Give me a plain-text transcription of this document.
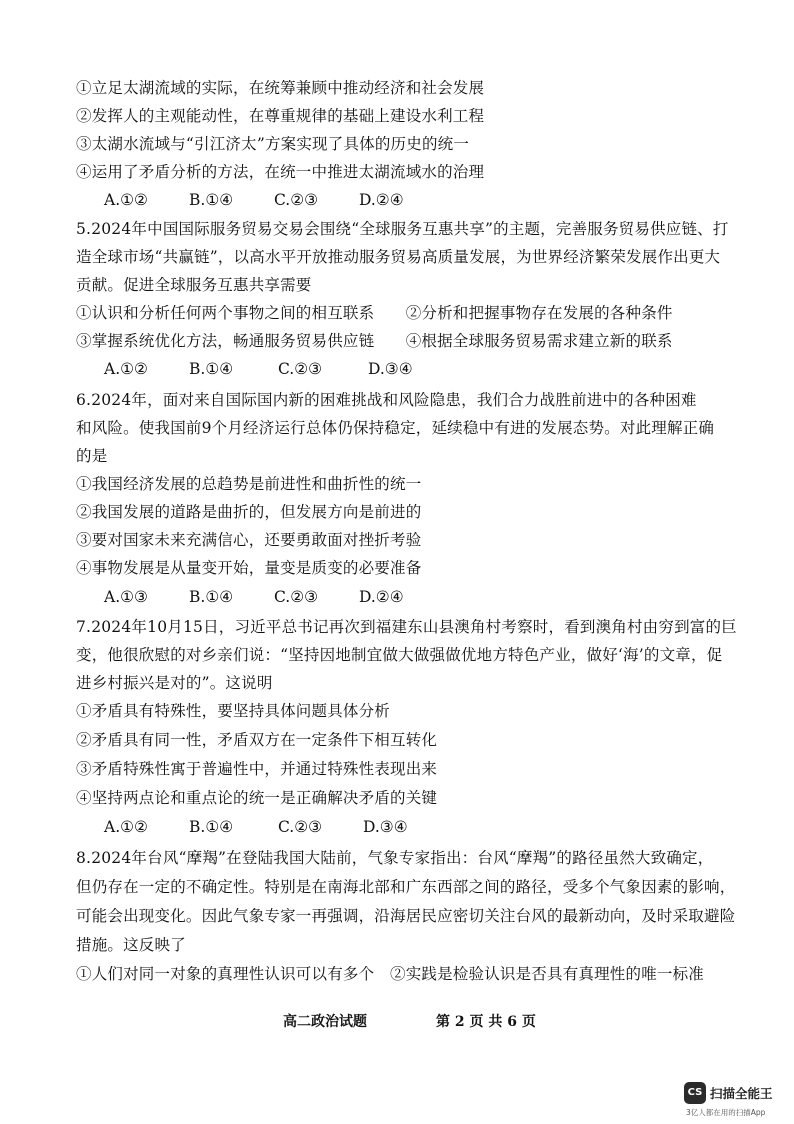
①立足太湖流域的实际，在统筹兼顾中推动经济和社会发展
②发挥人的主观能动性，在尊重规律的基础上建设水利工程
③太湖水流域与“引江济太”方案实现了具体的历史的统一
④运用了矛盾分析的方法，在统一中推进太湖流域水的治理
A.①②	B.①④	C.②③	D.②④
5.2024年中国国际服务贸易交易会围绕“全球服务互惠共享”的主题，完善服务贸易供应链、打
造全球市场“共赢链”，以高水平开放推动服务贸易高质量发展，为世界经济繁荣发展作出更大
贡献。促进全球服务互惠共享需要
①认识和分析任何两个事物之间的相互联系　　②分析和把握事物存在发展的各种条件
③掌握系统优化方法，畅通服务贸易供应链　　④根据全球服务贸易需求建立新的联系
A.①②	B.①④	C.②③	D.③④
6.2024年，面对来自国际国内新的困难挑战和风险隐患，我们合力战胜前进中的各种困难
和风险。使我国前9个月经济运行总体仍保持稳定，延续稳中有进的发展态势。对此理解正确
的是
①我国经济发展的总趋势是前进性和曲折性的统一
②我国发展的道路是曲折的，但发展方向是前进的
③要对国家未来充满信心，还要勇敢面对挫折考验
④事物发展是从量变开始，量变是质变的必要准备
A.①③	B.①④	C.②③	D.②④
7.2024年10月15日，习近平总书记再次到福建东山县澳角村考察时，看到澳角村由穷到富的巨
变，他很欣慰的对乡亲们说：“坚持因地制宜做大做强做优地方特色产业，做好‘海’的文章，促
进乡村振兴是对的”。这说明
①矛盾具有特殊性，要坚持具体问题具体分析
②矛盾具有同一性，矛盾双方在一定条件下相互转化
③矛盾特殊性寓于普遍性中，并通过特殊性表现出来
④坚持两点论和重点论的统一是正确解决矛盾的关键
A.①②	B.①④	C.②③	D.③④
8.2024年台风“摩羯”在登陆我国大陆前，气象专家指出：台风“摩羯”的路径虽然大致确定，
但仍存在一定的不确定性。特别是在南海北部和广东西部之间的路径，受多个气象因素的影响，
可能会出现变化。因此气象专家一再强调，沿海居民应密切关注台风的最新动向，及时采取避险
措施。这反映了
①人们对同一对象的真理性认识可以有多个　②实践是检验认识是否具有真理性的唯一标准
高二政治试题	第 2 页 共 6 页
CS 扫描全能王
3亿人都在用的扫描App
